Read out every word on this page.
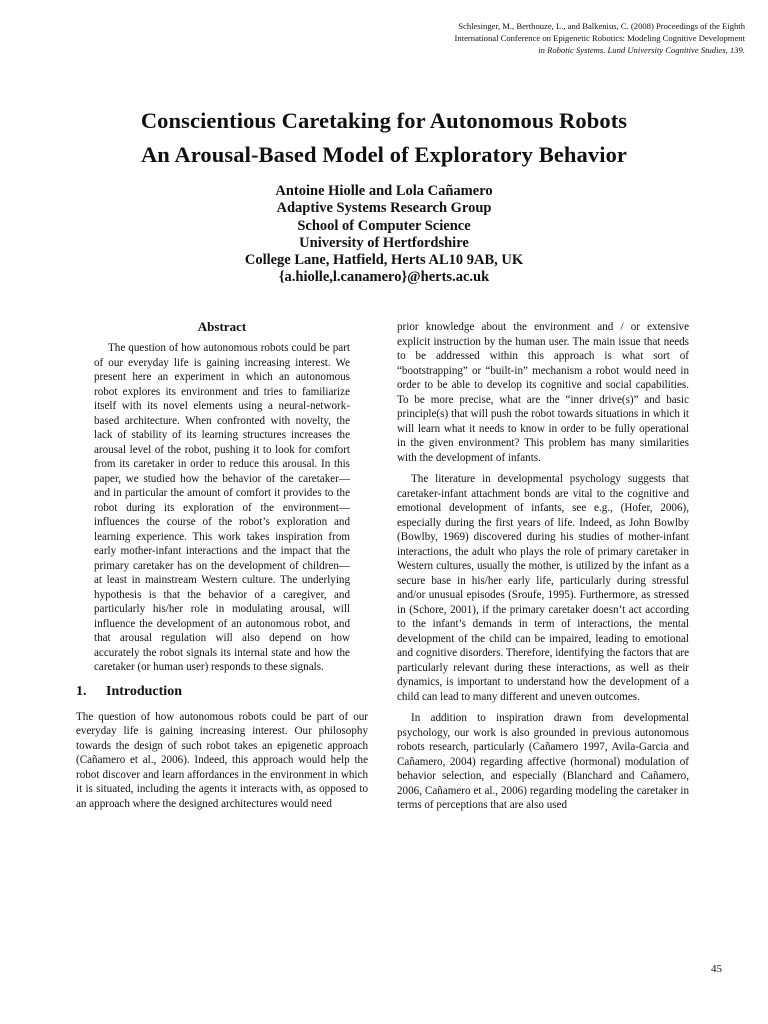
Schlesinger, M., Berthouze, L., and Balkenius, C. (2008) Proceedings of the Eighth
International Conference on Epigenetic Robotics: Modeling Cognitive Development
in Robotic Systems. Lund University Cognitive Studies, 139.
Conscientious Caretaking for Autonomous Robots
An Arousal-Based Model of Exploratory Behavior
Antoine Hiolle and Lola Cañamero
Adaptive Systems Research Group
School of Computer Science
University of Hertfordshire
College Lane, Hatfield, Herts AL10 9AB, UK
{a.hiolle,l.canamero}@herts.ac.uk
Abstract

The question of how autonomous robots could be part of our everyday life is gaining increasing interest. We present here an experiment in which an autonomous robot explores its environment and tries to familiarize itself with its novel elements using a neural-network-based architecture. When confronted with novelty, the lack of stability of its learning structures increases the arousal level of the robot, pushing it to look for comfort from its caretaker in order to reduce this arousal. In this paper, we studied how the behavior of the caretaker—and in particular the amount of comfort it provides to the robot during its exploration of the environment—influences the course of the robot’s exploration and learning experience. This work takes inspiration from early mother-infant interactions and the impact that the primary caretaker has on the development of children—at least in mainstream Western culture. The underlying hypothesis is that the behavior of a caregiver, and particularly his/her role in modulating arousal, will influence the development of an autonomous robot, and that arousal regulation will also depend on how accurately the robot signals its internal state and how the caretaker (or human user) responds to these signals.

1. Introduction

The question of how autonomous robots could be part of our everyday life is gaining increasing interest. Our philosophy towards the design of such robot takes an epigenetic approach (Cañamero et al., 2006). Indeed, this approach would help the robot discover and learn affordances in the environment in which it is situated, including the agents it interacts with, as opposed to an approach where the designed architectures would need

prior knowledge about the environment and / or extensive explicit instruction by the human user. The main issue that needs to be addressed within this approach is what sort of “bootstrapping” or “built-in” mechanism a robot would need in order to be able to develop its cognitive and social capabilities. To be more precise, what are the “inner drive(s)” and basic principle(s) that will push the robot towards situations in which it will learn what it needs to know in order to be fully operational in the given environment? This problem has many similarities with the development of infants.

The literature in developmental psychology suggests that caretaker-infant attachment bonds are vital to the cognitive and emotional development of infants, see e.g., (Hofer, 2006), especially during the first years of life. Indeed, as John Bowlby (Bowlby, 1969) discovered during his studies of mother-infant interactions, the adult who plays the role of primary caretaker in Western cultures, usually the mother, is utilized by the infant as a secure base in his/her early life, particularly during stressful and/or unusual episodes (Sroufe, 1995). Furthermore, as stressed in (Schore, 2001), if the primary caretaker doesn’t act according to the infant’s demands in term of interactions, the mental development of the child can be impaired, leading to emotional and cognitive disorders. Therefore, identifying the factors that are particularly relevant during these interactions, as well as their dynamics, is important to understand how the development of a child can lead to many different and uneven outcomes.

In addition to inspiration drawn from developmental psychology, our work is also grounded in previous autonomous robots research, particularly (Cañamero 1997, Avila-Garcia and Cañamero, 2004) regarding affective (hormonal) modulation of behavior selection, and especially (Blanchard and Cañamero, 2006, Cañamero et al., 2006) regarding modeling the caretaker in terms of perceptions that are also used

45
